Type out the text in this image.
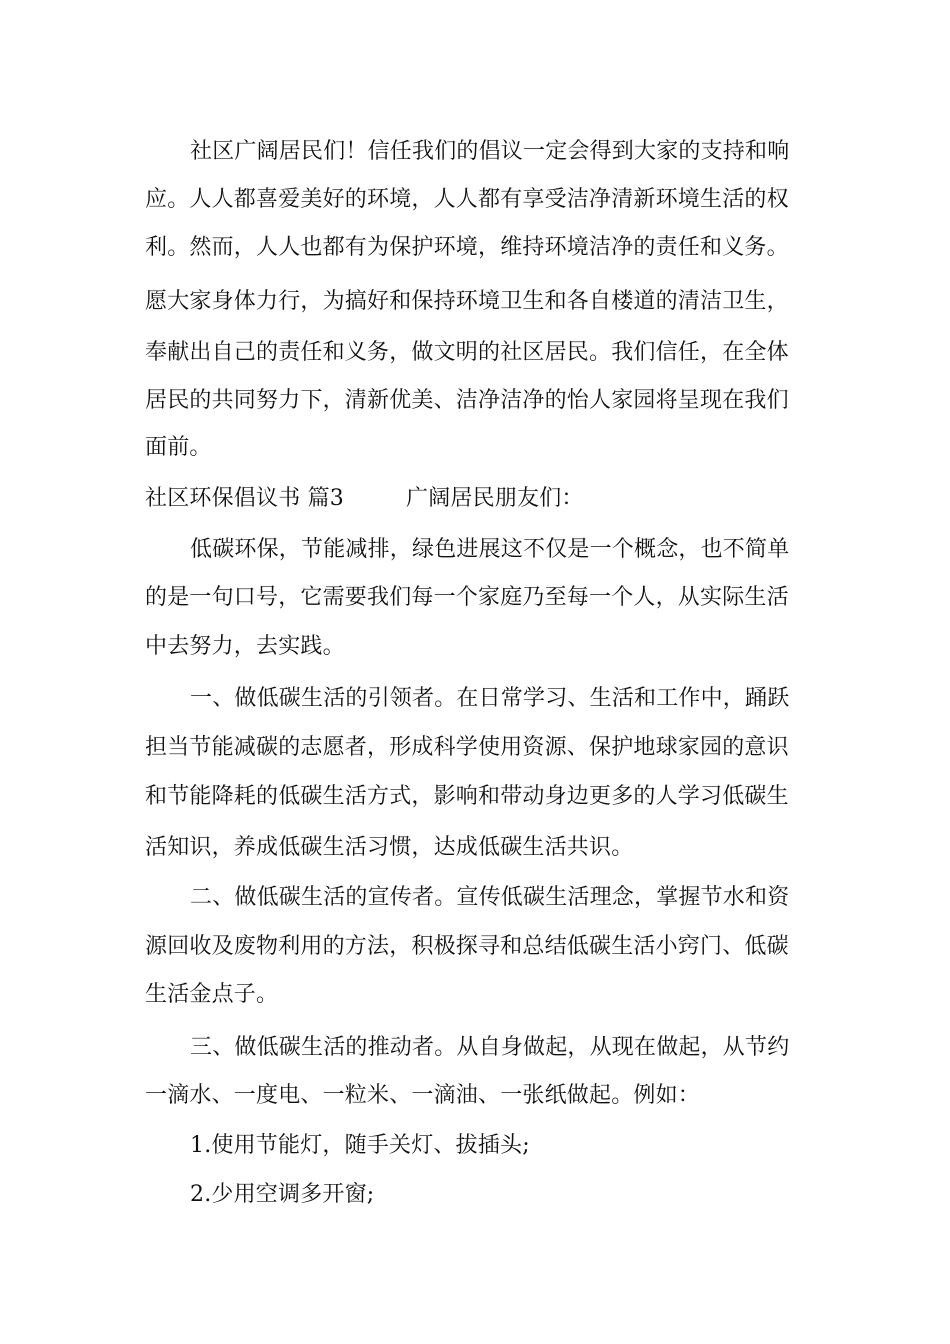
社区广阔居民们！信任我们的倡议一定会得到大家的支持和响
应。人人都喜爱美好的环境，人人都有享受洁净清新环境生活的权
利。然而，人人也都有为保护环境，维持环境洁净的责任和义务。
愿大家身体力行，为搞好和保持环境卫生和各自楼道的清洁卫生，
奉献出自己的责任和义务，做文明的社区居民。我们信任，在全体
居民的共同努力下，清新优美、洁净洁净的怡人家园将呈现在我们
面前。
社区环保倡议书 篇3	广阔居民朋友们：
低碳环保，节能减排，绿色进展这不仅是一个概念，也不简单
的是一句口号，它需要我们每一个家庭乃至每一个人，从实际生活
中去努力，去实践。
一、做低碳生活的引领者。在日常学习、生活和工作中，踊跃
担当节能减碳的志愿者，形成科学使用资源、保护地球家园的意识
和节能降耗的低碳生活方式，影响和带动身边更多的人学习低碳生
活知识，养成低碳生活习惯，达成低碳生活共识。
二、做低碳生活的宣传者。宣传低碳生活理念，掌握节水和资
源回收及废物利用的方法，积极探寻和总结低碳生活小窍门、低碳
生活金点子。
三、做低碳生活的推动者。从自身做起，从现在做起，从节约
一滴水、一度电、一粒米、一滴油、一张纸做起。例如：
1.使用节能灯，随手关灯、拔插头;
2.少用空调多开窗;
